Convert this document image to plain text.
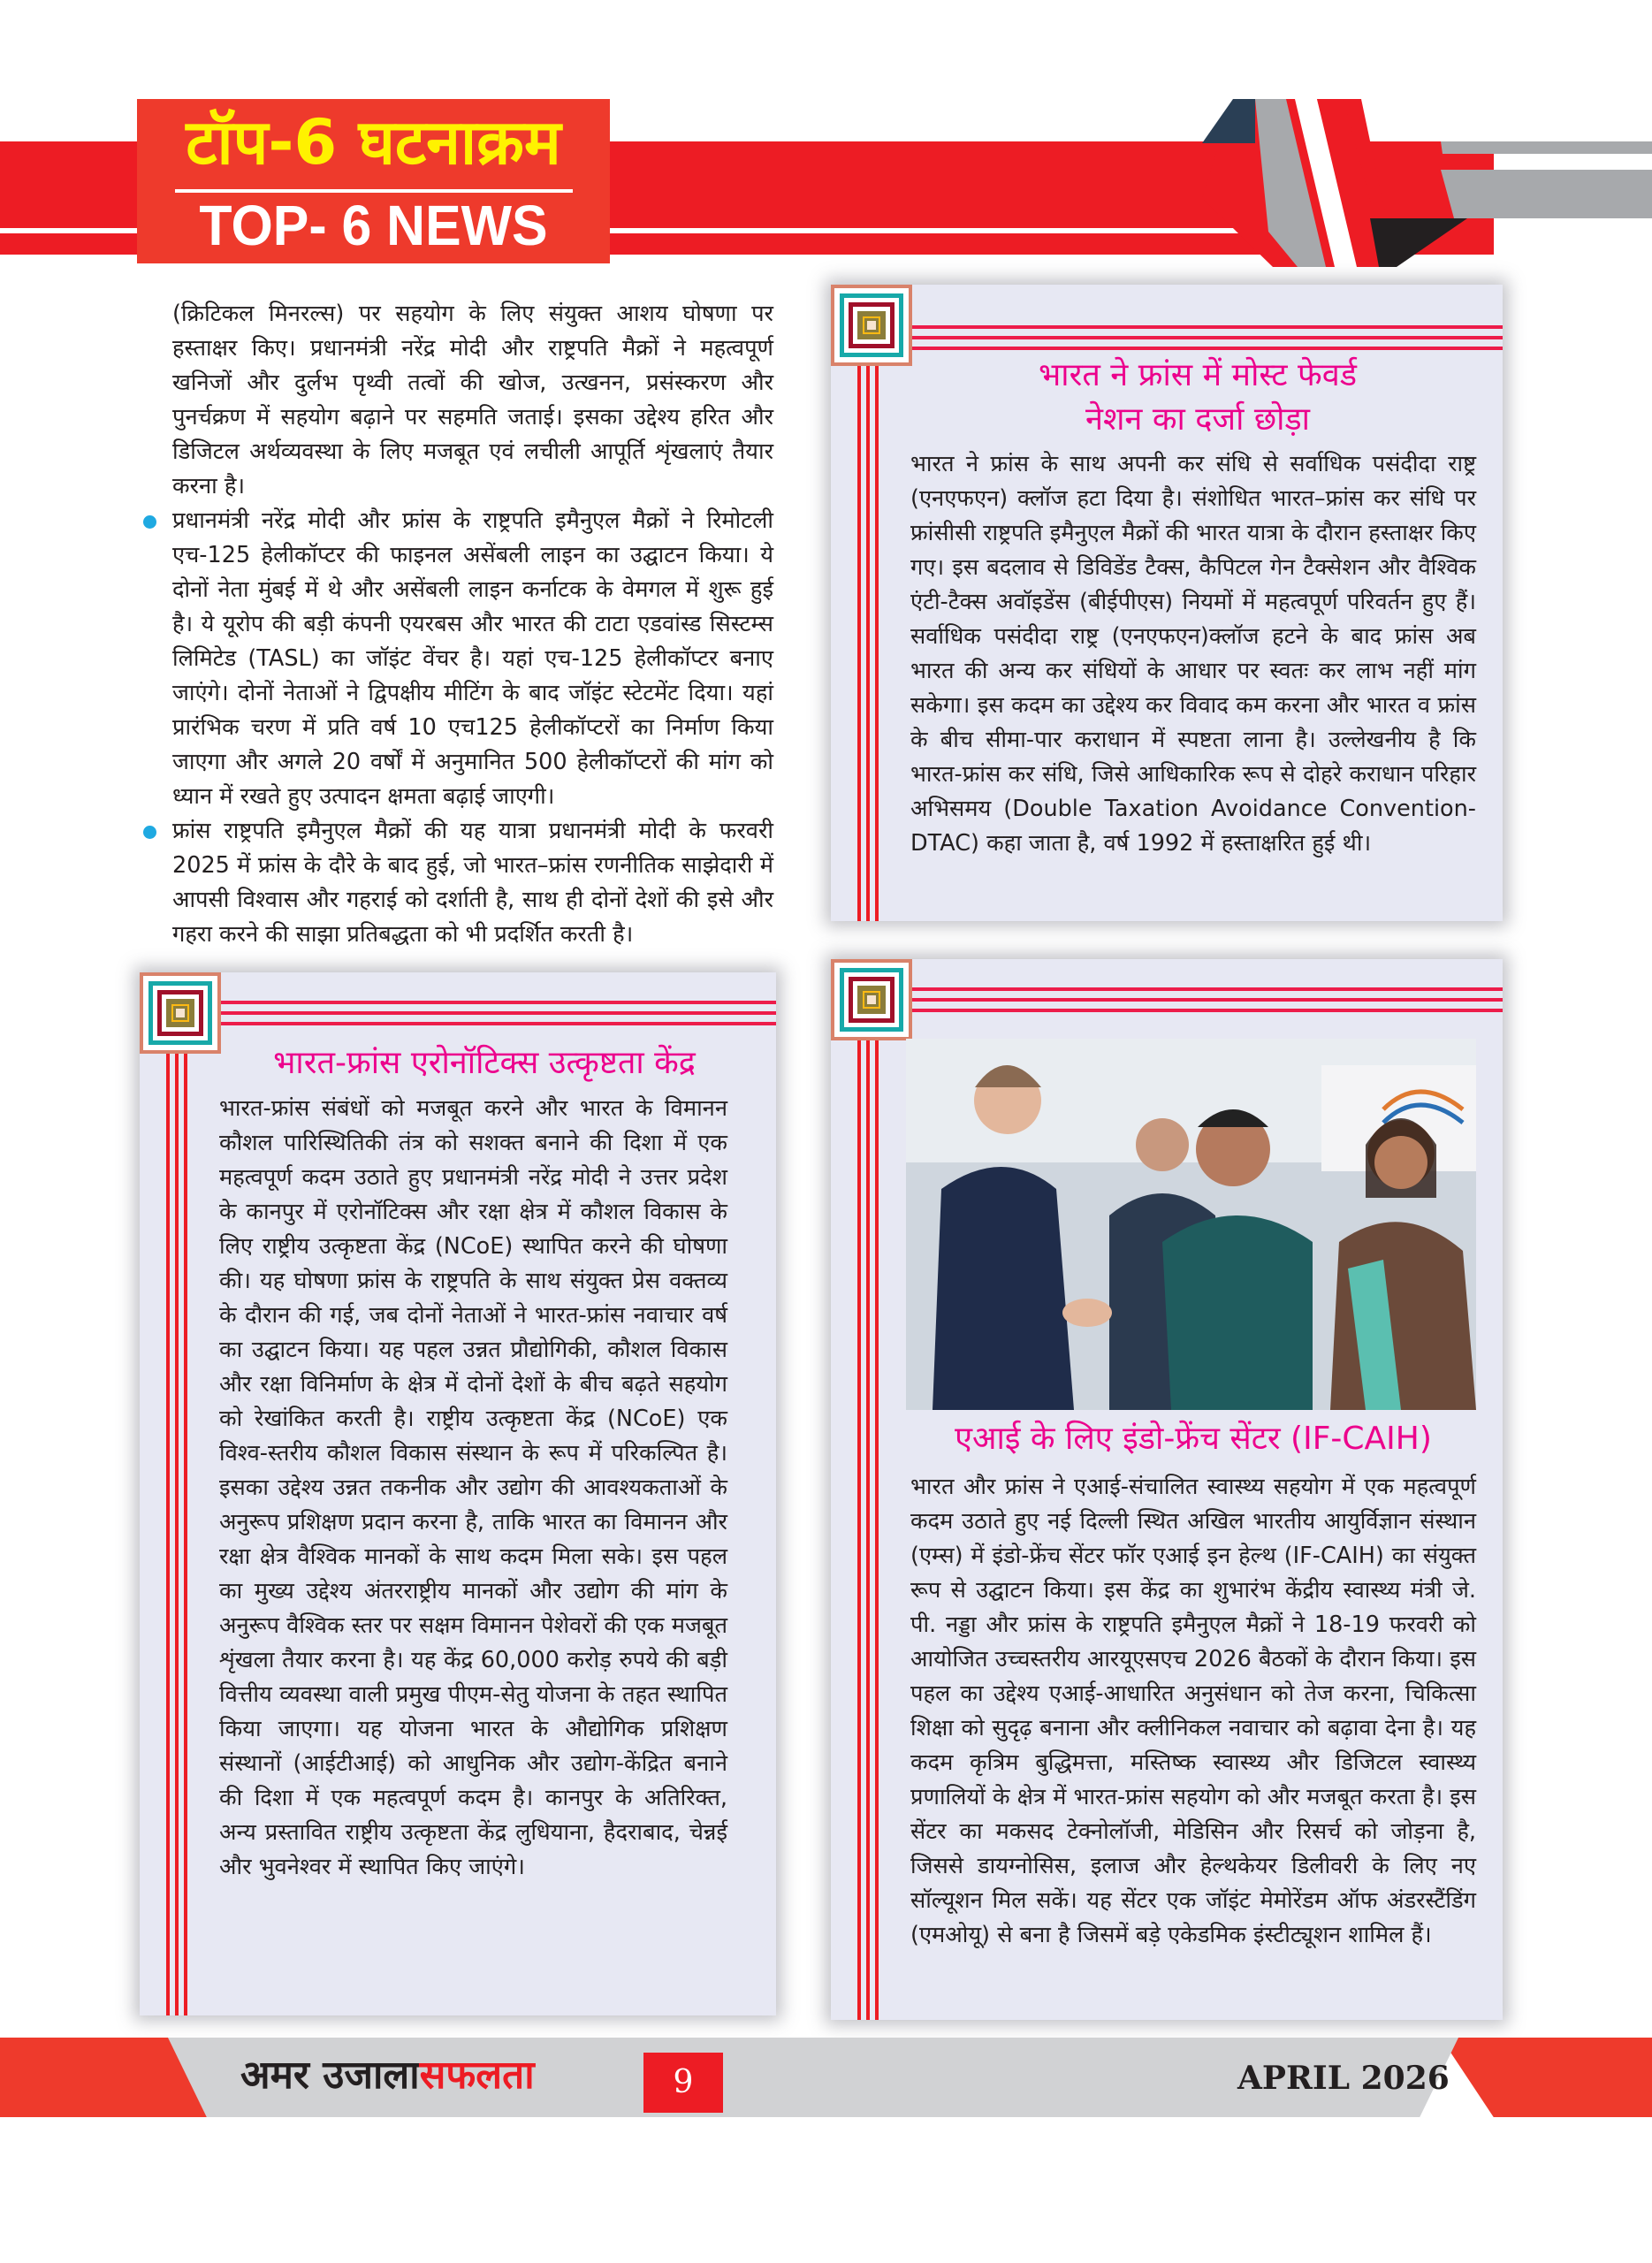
टॉप-6 घटनाक्रम
TOP- 6 NEWS

(क्रिटिकल मिनरल्स) पर सहयोग के लिए संयुक्त आशय घोषणा पर हस्ताक्षर किए। प्रधानमंत्री नरेंद्र मोदी और राष्ट्रपति मैक्रों ने महत्वपूर्ण खनिजों और दुर्लभ पृथ्वी तत्वों की खोज, उत्खनन, प्रसंस्करण और पुनर्चक्रण में सहयोग बढ़ाने पर सहमति जताई। इसका उद्देश्य हरित और डिजिटल अर्थव्यवस्था के लिए मजबूत एवं लचीली आपूर्ति शृंखलाएं तैयार करना है।

प्रधानमंत्री नरेंद्र मोदी और फ्रांस के राष्ट्रपति इमैनुएल मैक्रों ने रिमोटली एच-125 हेलीकॉप्टर की फाइनल असेंबली लाइन का उद्घाटन किया। ये दोनों नेता मुंबई में थे और असेंबली लाइन कर्नाटक के वेमगल में शुरू हुई है। ये यूरोप की बड़ी कंपनी एयरबस और भारत की टाटा एडवांस्ड सिस्टम्स लिमिटेड (TASL) का जॉइंट वेंचर है। यहां एच-125 हेलीकॉप्टर बनाए जाएंगे। दोनों नेताओं ने द्विपक्षीय मीटिंग के बाद जॉइंट स्टेटमेंट दिया। यहां प्रारंभिक चरण में प्रति वर्ष 10 एच125 हेलीकॉप्टरों का निर्माण किया जाएगा और अगले 20 वर्षों में अनुमानित 500 हेलीकॉप्टरों की मांग को ध्यान में रखते हुए उत्पादन क्षमता बढ़ाई जाएगी।

फ्रांस राष्ट्रपति इमैनुएल मैक्रों की यह यात्रा प्रधानमंत्री मोदी के फरवरी 2025 में फ्रांस के दौरे के बाद हुई, जो भारत–फ्रांस रणनीतिक साझेदारी में आपसी विश्वास और गहराई को दर्शाती है, साथ ही दोनों देशों की इसे और गहरा करने की साझा प्रतिबद्धता को भी प्रदर्शित करती है।

भारत ने फ्रांस में मोस्ट फेवर्ड
नेशन का दर्जा छोड़ा

भारत ने फ्रांस के साथ अपनी कर संधि से सर्वाधिक पसंदीदा राष्ट्र (एनएफएन) क्लॉज हटा दिया है। संशोधित भारत–फ्रांस कर संधि पर फ्रांसीसी राष्ट्रपति इमैनुएल मैक्रों की भारत यात्रा के दौरान हस्ताक्षर किए गए। इस बदलाव से डिविडेंड टैक्स, कैपिटल गेन टैक्सेशन और वैश्विक एंटी-टैक्स अवॉइडेंस (बीईपीएस) नियमों में महत्वपूर्ण परिवर्तन हुए हैं। सर्वाधिक पसंदीदा राष्ट्र (एनएफएन)क्लॉज हटने के बाद फ्रांस अब भारत की अन्य कर संधियों के आधार पर स्वतः कर लाभ नहीं मांग सकेगा। इस कदम का उद्देश्य कर विवाद कम करना और भारत व फ्रांस के बीच सीमा-पार कराधान में स्पष्टता लाना है। उल्लेखनीय है कि भारत-फ्रांस कर संधि, जिसे आधिकारिक रूप से दोहरे कराधान परिहार अभिसमय (Double Taxation Avoidance Convention-DTAC) कहा जाता है, वर्ष 1992 में हस्ताक्षरित हुई थी।

भारत-फ्रांस एरोनॉटिक्स उत्कृष्टता केंद्र

भारत-फ्रांस संबंधों को मजबूत करने और भारत के विमानन कौशल पारिस्थितिकी तंत्र को सशक्त बनाने की दिशा में एक महत्वपूर्ण कदम उठाते हुए प्रधानमंत्री नरेंद्र मोदी ने उत्तर प्रदेश के कानपुर में एरोनॉटिक्स और रक्षा क्षेत्र में कौशल विकास के लिए राष्ट्रीय उत्कृष्टता केंद्र (NCoE) स्थापित करने की घोषणा की। यह घोषणा फ्रांस के राष्ट्रपति के साथ संयुक्त प्रेस वक्तव्य के दौरान की गई, जब दोनों नेताओं ने भारत-फ्रांस नवाचार वर्ष का उद्घाटन किया। यह पहल उन्नत प्रौद्योगिकी, कौशल विकास और रक्षा विनिर्माण के क्षेत्र में दोनों देशों के बीच बढ़ते सहयोग को रेखांकित करती है। राष्ट्रीय उत्कृष्टता केंद्र (NCoE) एक विश्व-स्तरीय कौशल विकास संस्थान के रूप में परिकल्पित है। इसका उद्देश्य उन्नत तकनीक और उद्योग की आवश्यकताओं के अनुरूप प्रशिक्षण प्रदान करना है, ताकि भारत का विमानन और रक्षा क्षेत्र वैश्विक मानकों के साथ कदम मिला सके। इस पहल का मुख्य उद्देश्य अंतरराष्ट्रीय मानकों और उद्योग की मांग के अनुरूप वैश्विक स्तर पर सक्षम विमानन पेशेवरों की एक मजबूत शृंखला तैयार करना है। यह केंद्र 60,000 करोड़ रुपये की बड़ी वित्तीय व्यवस्था वाली प्रमुख पीएम-सेतु योजना के तहत स्थापित किया जाएगा। यह योजना भारत के औद्योगिक प्रशिक्षण संस्थानों (आईटीआई) को आधुनिक और उद्योग-केंद्रित बनाने की दिशा में एक महत्वपूर्ण कदम है। कानपुर के अतिरिक्त, अन्य प्रस्तावित राष्ट्रीय उत्कृष्टता केंद्र लुधियाना, हैदराबाद, चेन्नई और भुवनेश्वर में स्थापित किए जाएंगे।

एआई के लिए इंडो-फ्रेंच सेंटर (IF-CAIH)

भारत और फ्रांस ने एआई-संचालित स्वास्थ्य सहयोग में एक महत्वपूर्ण कदम उठाते हुए नई दिल्ली स्थित अखिल भारतीय आयुर्विज्ञान संस्थान (एम्स) में इंडो-फ्रेंच सेंटर फॉर एआई इन हेल्थ (IF-CAIH) का संयुक्त रूप से उद्घाटन किया। इस केंद्र का शुभारंभ केंद्रीय स्वास्थ्य मंत्री जे. पी. नड्डा और फ्रांस के राष्ट्रपति इमैनुएल मैक्रों ने 18-19 फरवरी को आयोजित उच्चस्तरीय आरयूएसएच 2026 बैठकों के दौरान किया। इस पहल का उद्देश्य एआई-आधारित अनुसंधान को तेज करना, चिकित्सा शिक्षा को सुदृढ़ बनाना और क्लीनिकल नवाचार को बढ़ावा देना है। यह कदम कृत्रिम बुद्धिमत्ता, मस्तिष्क स्वास्थ्य और डिजिटल स्वास्थ्य प्रणालियों के क्षेत्र में भारत-फ्रांस सहयोग को और मजबूत करता है। इस सेंटर का मकसद टेक्नोलॉजी, मेडिसिन और रिसर्च को जोड़ना है, जिससे डायग्नोसिस, इलाज और हेल्थकेयर डिलीवरी के लिए नए सॉल्यूशन मिल सकें। यह सेंटर एक जॉइंट मेमोरेंडम ऑफ अंडरस्टैंडिंग (एमओयू) से बना है जिसमें बड़े एकेडमिक इंस्टीट्यूशन शामिल हैं।

अमर उजालासफलता	9	APRIL 2026
